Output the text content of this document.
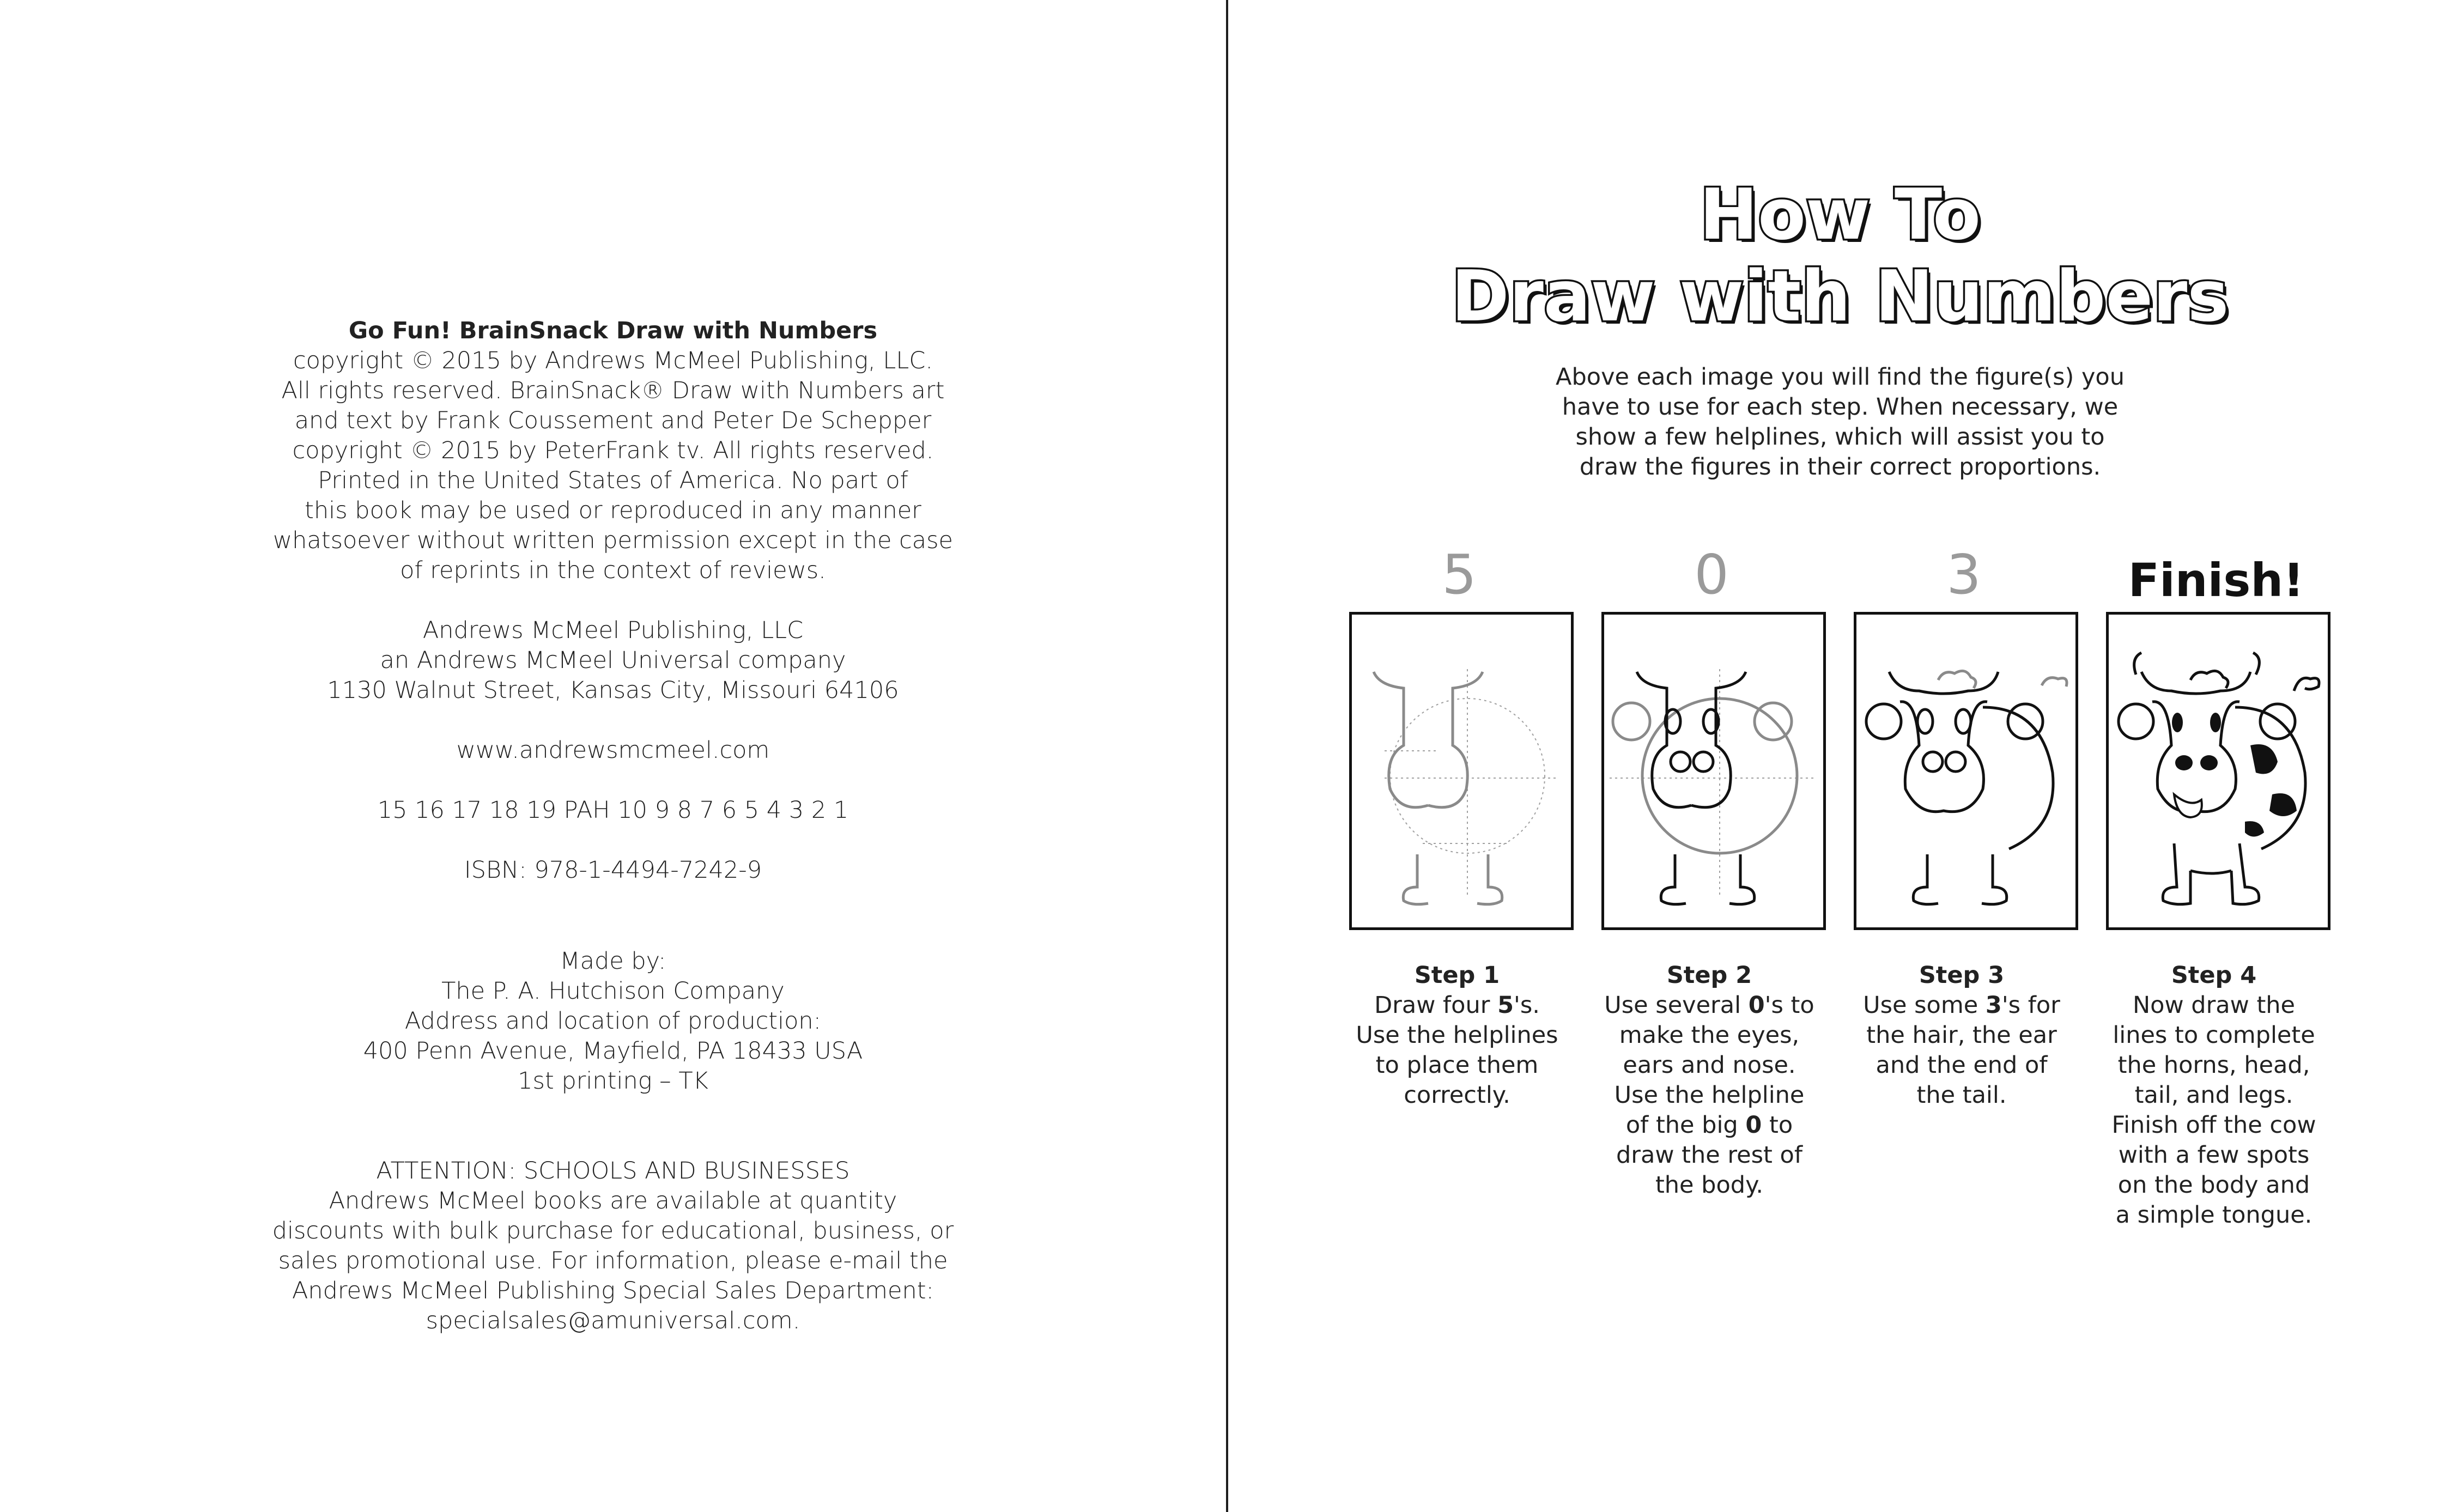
Go Fun! BrainSnack Draw with Numbers
copyright © 2015 by Andrews McMeel Publishing, LLC.
All rights reserved. BrainSnack® Draw with Numbers art
and text by Frank Coussement and Peter De Schepper
copyright © 2015 by PeterFrank tv. All rights reserved.
Printed in the United States of America. No part of
this book may be used or reproduced in any manner
whatsoever without written permission except in the case
of reprints in the context of reviews.
Andrews McMeel Publishing, LLC
an Andrews McMeel Universal company
1130 Walnut Street, Kansas City, Missouri 64106
www.andrewsmcmeel.com
15 16 17 18 19 PAH 10 9 8 7 6 5 4 3 2 1
ISBN: 978-1-4494-7242-9
Made by:
The P. A. Hutchison Company
Address and location of production:
400 Penn Avenue, Mayfield, PA 18433 USA
1st printing – TK
ATTENTION: SCHOOLS AND BUSINESSES
Andrews McMeel books are available at quantity
discounts with bulk purchase for educational, business, or
sales promotional use. For information, please e-mail the
Andrews McMeel Publishing Special Sales Department:
specialsales@amuniversal.com.
How To
Draw with Numbers
Above each image you will find the figure(s) you
have to use for each step. When necessary, we
show a few helplines, which will assist you to
draw the figures in their correct proportions.
5	0	3	Finish!
Step 1
Draw four 5's.
Use the helplines
to place them
correctly.
Step 2
Use several 0's to
make the eyes,
ears and nose.
Use the helpline
of the big 0 to
draw the rest of
the body.
Step 3
Use some 3's for
the hair, the ear
and the end of
the tail.
Step 4
Now draw the
lines to complete
the horns, head,
tail, and legs.
Finish off the cow
with a few spots
on the body and
a simple tongue.
